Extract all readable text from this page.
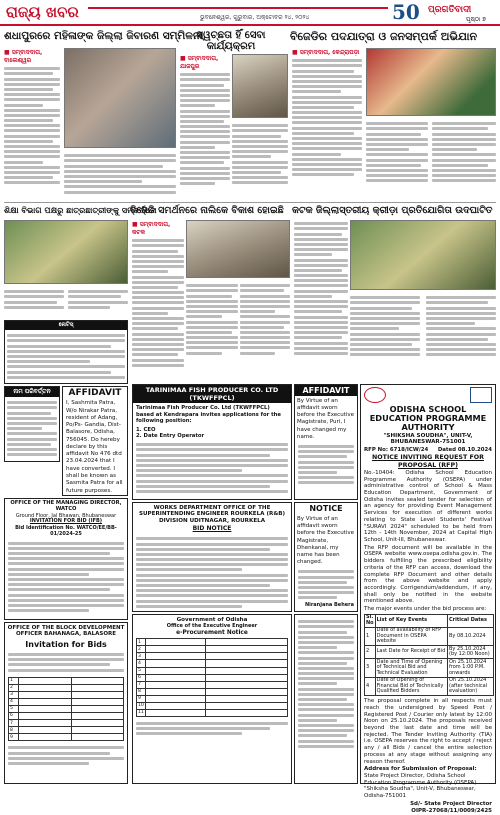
ରାଜ୍ୟ ଖବର	ଭୁବନେଶ୍ୱର, ଗୁରୁବାର, ଅକ୍ଟୋବର ୨୪, ୨୦୨୪	50 ପ୍ରଗତିବାଦୀ
ପୃଷ୍ଠା ୭
ଶଧାପୁରରେ ମହିଳାଙ୍କ ଜିଲ୍ଲା ଜିବାରଣ ସମ୍ମିଳନୀ
ସ୍ୱଚ୍ଛତା ହିଁ ସେବା କାର୍ଯ୍ୟକ୍ରମ
ବିଜେଡିର ପଦଯାତ୍ରା ଓ ଜନସମ୍ପର୍କ ଅଭିଯାନ
■ ସମ୍ବାଦଦାତା, ବାଲେଶ୍ୱର	■ ସମ୍ବାଦଦାତା, ଯାଜପୁର
■ ସମ୍ବାଦଦାତା, କେନ୍ଦ୍ରାପଡ଼ା
ଶିକ୍ଷା ବିଭାଗ ପକ୍ଷରୁ ଛାତ୍ରଛାତ୍ରୀଙ୍କୁ ସମ୍ବର୍ଦ୍ଧନା
ବିଜେଡି ସମର୍ଥନରେ ନାଲିକେ ବିକାଶ ହୋଇଛି କଟକ ଜିଲ୍ଲାସ୍ତରୀୟ କ୍ରୀଡ଼ା ପ୍ରତିଯୋଗିତା ଉଦଘାଟିତ
■ ସମ୍ବାଦଦାତା, କଟକ
ନୋଟିସ୍
ନାମ ପରିବର୍ତ୍ତନ	AFFIDAVIT
I, Sashmita Patra, W/o Nirakar Patra, resident of Adang, Po/Ps- Gandia, Dist- Balasore, Odisha, 756045. Do hereby declare by this affidavit No 476 dtd 23.04.2024 that I have converted. I shall be known as Sasmita Patra for all future purposes.
OFFICE OF THE MANAGING DIRECTOR, WATCO
Ground Floor, Jal Bhawan, Bhubaneswar
INVITATION FOR BID (IFB)
Bid Identification No. WATCO/EE/BB-01/2024-25
OFFICE OF THE BLOCK DEVELOPMENT OFFICER BAHANAGA, BALASORE
Invitation for Bids
1		
2		
3		
4		
5		
6		
7		
8		
9		
TARINIMAA FISH PRODUCER CO. LTD (TKWFFPCL)
Tarinimaa Fish Producer Co. Ltd (TKWFFPCL) based at Kendrapara invites applications for the following position:
1. CEO
2. Date Entry Operator
WORKS DEPARTMENT OFFICE OF THE SUPERINTENDING ENGINEER ROURKELA (R&B) DIVISION UDITNAGAR, ROURKELA
BID NOTICE
Government of Odisha
Office of the Executive Engineer
e-Procurement Notice
1		
2		
3		
4		
5		
6		
7		
8		
9		
10		
11		
AFFIDAVIT
By Virtue of an affidavit sworn before the Executive Magistrate, Puri, I have changed my name.
NOTICE
By Virtue of an affidavit sworn before the Executive Magistrate, Dhenkanal, my name has been changed.
Niranjana Behera
ODISHA SCHOOL EDUCATION PROGRAMME AUTHORITY
"SHIKSHA SOUDHA", UNIT-V, BHUBANESWAR-751001
RFP No: 6718/ICW/24 Dated 08.10.2024
NOTICE INVITING REQUEST FOR PROPOSAL (RFP)
No.-10404: Odisha School Education Programme Authority (OSEPA) under administrative control of School & Mass Education Department, Government of Odisha invites sealed tender for selection of an agency for providing Event Management Services for execution of different works relating to State Level Students' Festival "SURAVI 2024" scheduled to be held from 12th - 14th November, 2024 at Capital High School, Unit-III, Bhubaneswar.
The RFP document will be available in the OSEPA website www.osepa.odisha.gov.in. The bidders fulfilling the prescribed eligibility criteria of the RFP can access, download the complete RFP Document and other details from the above website and apply accordingly. Corrigendum/addendum, if any, shall only be notified in the website mentioned above.
The major events under the bid process are:
Sl. No	List of Key Events	Critical Dates
1	Date of availability of RFP Document in OSEPA website	By 08.10.2024
2	Last Date for Receipt of Bid	By 25.10.2024 (by 12:00 Noon)
3	Date and Time of Opening of Technical Bid and Technical Evaluation	On 25.10.2024 from 1:00 P.M. onwards
4	Date of Opening of Financial Bid of Technically Qualified Bidders	On 25.10.2024 (after technical evaluation)
The proposal complete in all respects must reach the undersigned by Speed Post / Registered Post / Courier only latest by 12:00 Noon on 25.10.2024. The proposals received beyond the last date and time will be rejected. The Tender Inviting Authority (TIA) i.e. OSEPA reserves the right to accept / reject any / all Bids / cancel the entire selection process at any stage without assigning any reason thereof.
Address for Submission of Proposal:
State Project Director, Odisha School Education Programme Authority (OSEPA) "Shiksha Soudha", Unit-V, Bhubaneswar, Odisha-751001
Sd/- State Project Director
OIPR-27068/11/0009/2425
